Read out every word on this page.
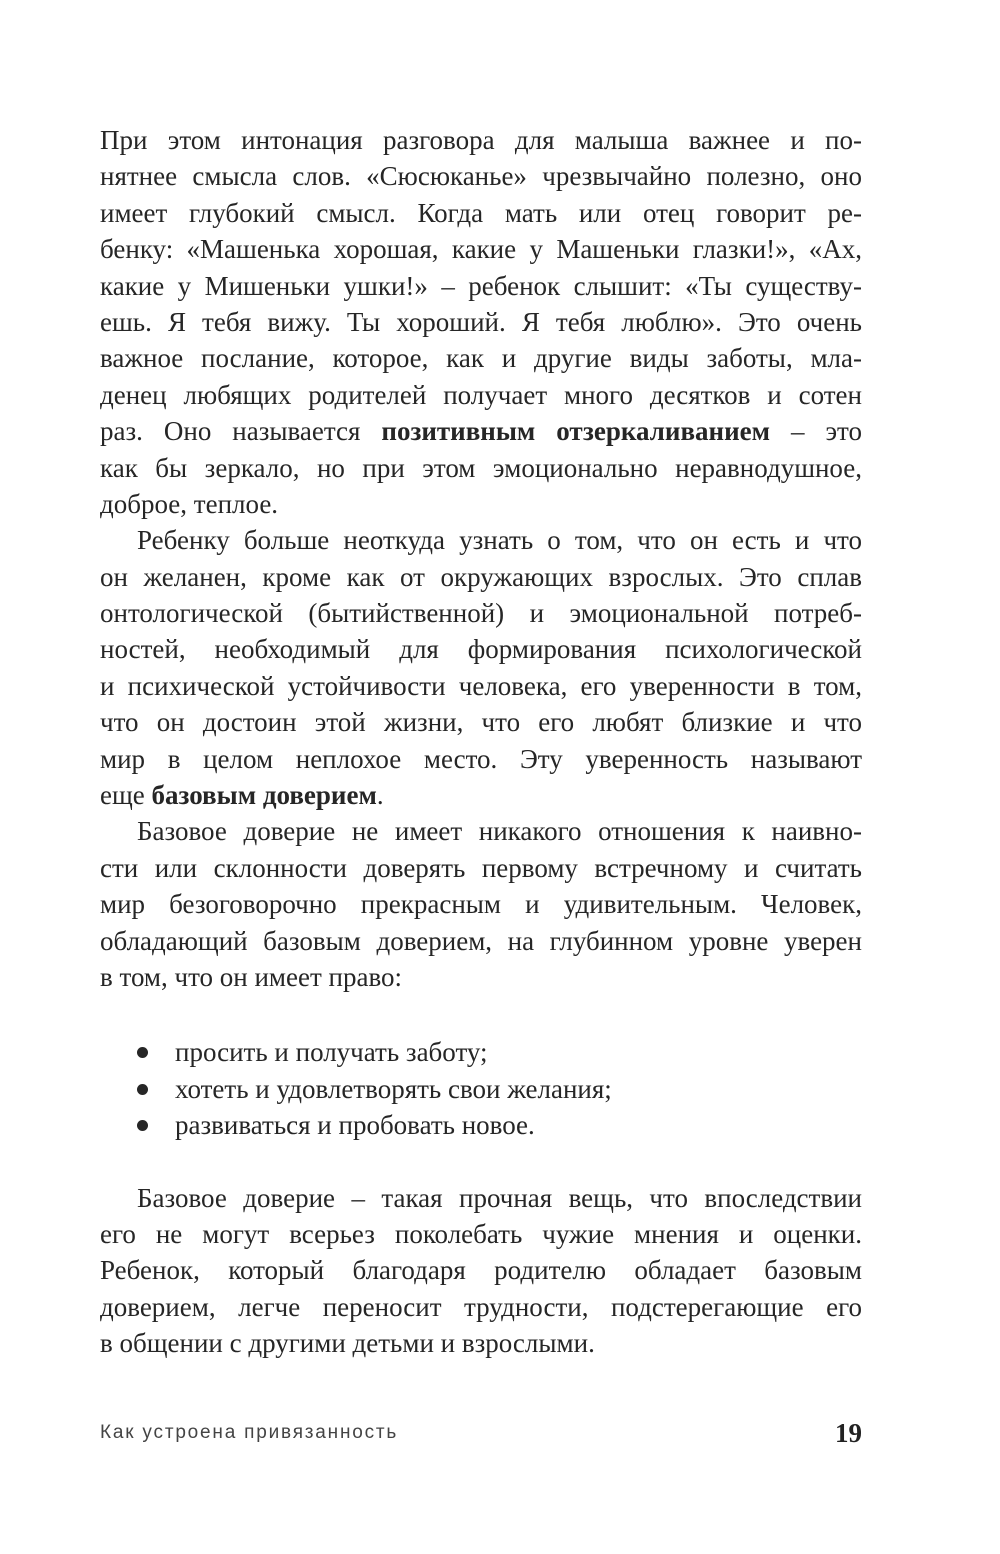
При этом интонация разговора для малыша важнее и по-
нятнее смысла слов. «Сюсюканье» чрезвычайно полезно, оно
имеет глубокий смысл. Когда мать или отец говорит ре-
бенку: «Машенька хорошая, какие у Машеньки глазки!», «Ах,
какие у Мишеньки ушки!» – ребенок слышит: «Ты существу-
ешь. Я тебя вижу. Ты хороший. Я тебя люблю». Это очень
важное послание, которое, как и другие виды заботы, мла-
денец любящих родителей получает много десятков и сотен
раз. Оно называется позитивным отзеркаливанием – это
как бы зеркало, но при этом эмоционально неравнодушное,
доброе, теплое.
Ребенку больше неоткуда узнать о том, что он есть и что
он желанен, кроме как от окружающих взрослых. Это сплав
онтологической (бытийственной) и эмоциональной потреб-
ностей, необходимый для формирования психологической
и психической устойчивости человека, его уверенности в том,
что он достоин этой жизни, что его любят близкие и что
мир в целом неплохое место. Эту уверенность называют
еще базовым доверием.
Базовое доверие не имеет никакого отношения к наивно-
сти или склонности доверять первому встречному и считать
мир безоговорочно прекрасным и удивительным. Человек,
обладающий базовым доверием, на глубинном уровне уверен
в том, что он имеет право:
просить и получать заботу;
хотеть и удовлетворять свои желания;
развиваться и пробовать новое.
Базовое доверие – такая прочная вещь, что впоследствии
его не могут всерьез поколебать чужие мнения и оценки.
Ребенок, который благодаря родителю обладает базовым
доверием, легче переносит трудности, подстерегающие его
в общении с другими детьми и взрослыми.
Как устроена привязанность	19
